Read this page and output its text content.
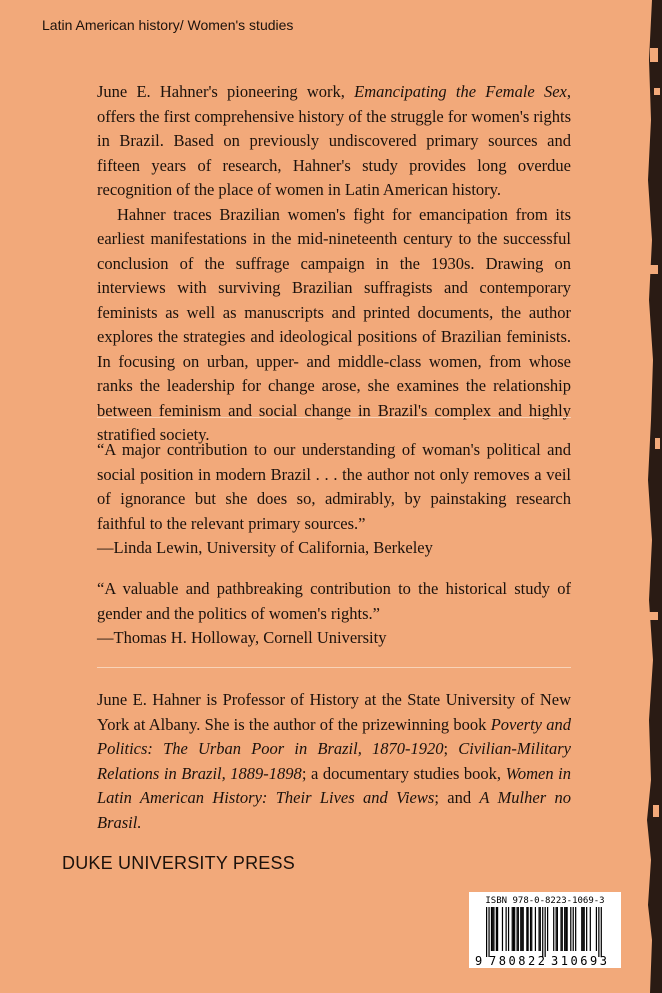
Latin American history/ Women's studies

June E. Hahner's pioneering work, Emancipating the Female Sex, offers the first comprehensive history of the struggle for women's rights in Brazil. Based on previously undiscovered primary sources and fifteen years of research, Hahner's study provides long overdue recognition of the place of women in Latin American history.

Hahner traces Brazilian women's fight for emancipation from its earliest manifestations in the mid-nineteenth century to the successful conclusion of the suffrage campaign in the 1930s. Drawing on interviews with surviving Brazilian suffragists and contemporary feminists as well as manuscripts and printed documents, the author explores the strategies and ideological positions of Brazilian feminists. In focusing on urban, upper- and middle-class women, from whose ranks the leadership for change arose, she examines the relationship between feminism and social change in Brazil's complex and highly stratified society.

“A major contribution to our understanding of woman's political and social position in modern Brazil . . . the author not only removes a veil of ignorance but she does so, admirably, by painstaking research faithful to the relevant primary sources.”

—Linda Lewin, University of California, Berkeley

“A valuable and pathbreaking contribution to the historical study of gender and the politics of women's rights.”

—Thomas H. Holloway, Cornell University

June E. Hahner is Professor of History at the State University of New York at Albany. She is the author of the prizewinning book Poverty and Politics: The Urban Poor in Brazil, 1870-1920; Civilian-Military Relations in Brazil, 1889-1898; a documentary studies book, Women in Latin American History: Their Lives and Views; and A Mulher no Brasil.

DUKE UNIVERSITY PRESS
ISBN 978-0-8223-1069-3
9 780822 310693
